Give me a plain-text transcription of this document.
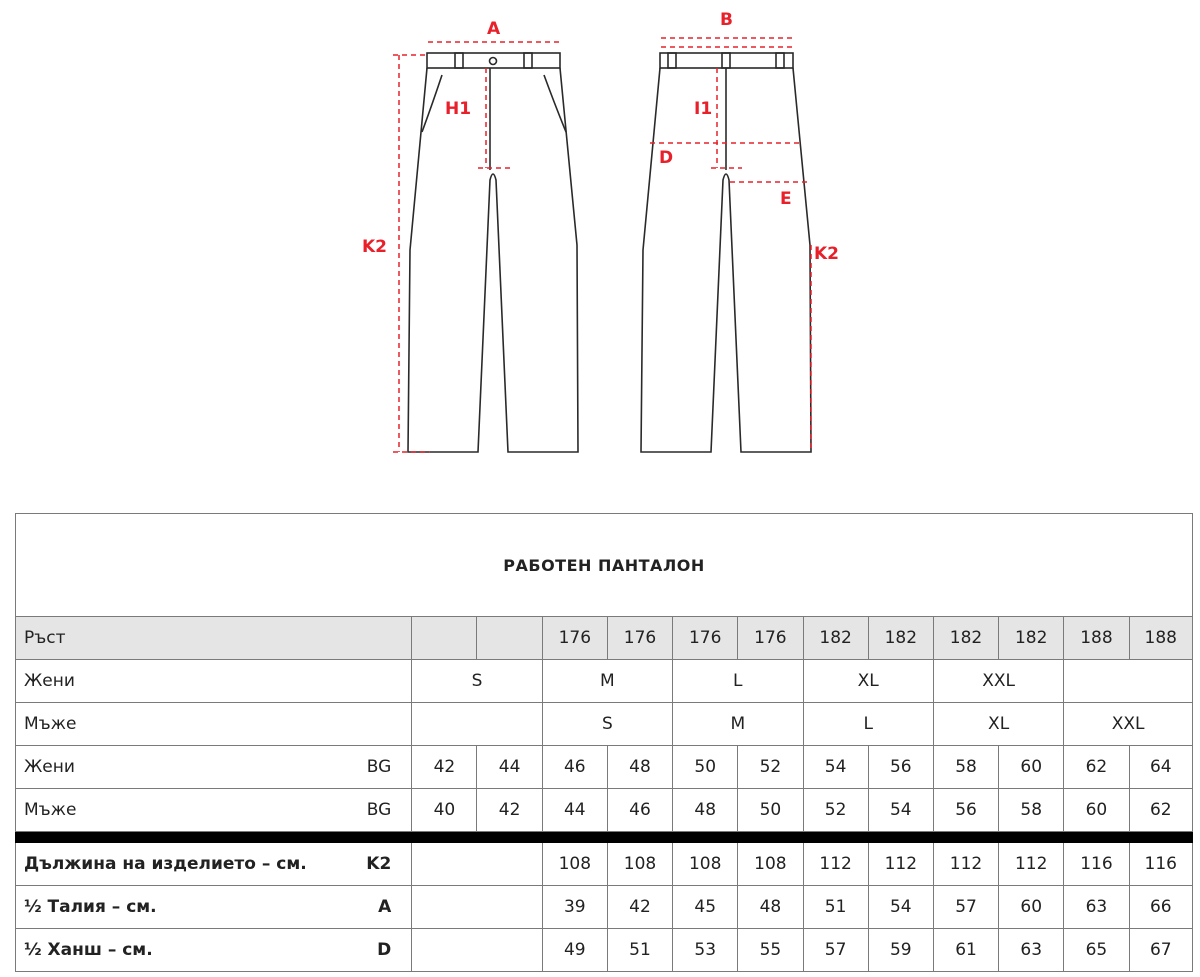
A
H1
K2
B
I1
D
E
K2
РАБОТЕН ПАНТАЛОН													
Ръст				176	176	176	176	182	182	182	182	188	188
Жени		S		M		L		XL		XXL			
Мъже				S		M		L		XL		XXL	
Жени	BG	42	44	46	48	50	52	54	56	58	60	62	64
Мъже	BG	40	42	44	46	48	50	52	54	56	58	60	62

Дължина на изделието – см.	K2			108	108	108	108	112	112	112	112	116	116
½ Талия – см.	A			39	42	45	48	51	54	57	60	63	66
½ Ханш – см.	D			49	51	53	55	57	59	61	63	65	67
